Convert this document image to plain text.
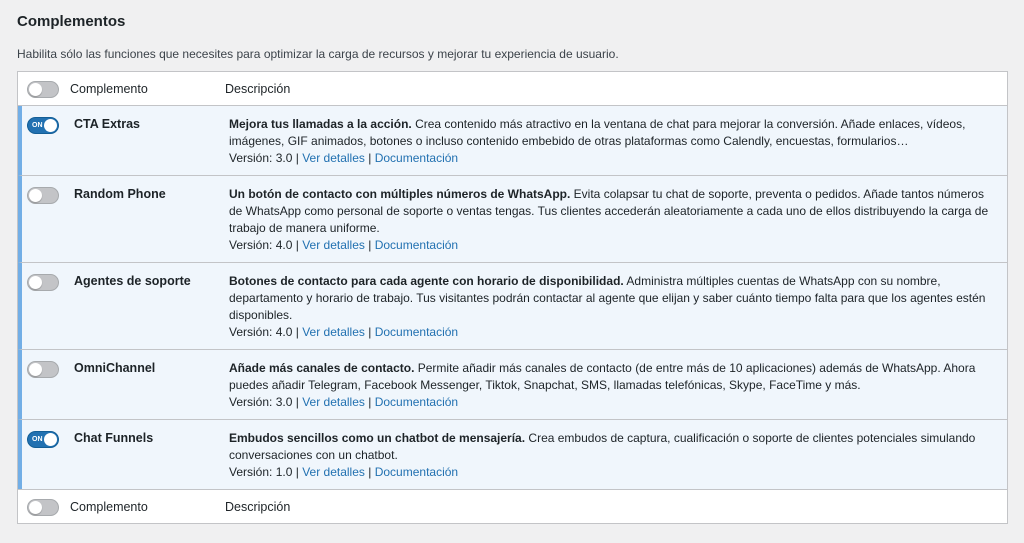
Complementos
Habilita sólo las funciones que necesites para optimizar la carga de recursos y mejorar tu experiencia de usuario.
Complemento	Descripción
ON	CTA Extras	Mejora tus llamadas a la acción. Crea contenido más atractivo en la ventana de chat para mejorar la conversión. Añade enlaces, vídeos, imágenes, GIF animados, botones o incluso contenido embebido de otras plataformas como Calendly, encuestas, formularios…
Versión: 3.0 | Ver detalles | Documentación
Random Phone	Un botón de contacto con múltiples números de WhatsApp. Evita colapsar tu chat de soporte, preventa o pedidos. Añade tantos números de WhatsApp como personal de soporte o ventas tengas. Tus clientes accederán aleatoriamente a cada uno de ellos distribuyendo la carga de trabajo de manera uniforme.
Versión: 4.0 | Ver detalles | Documentación
Agentes de soporte	Botones de contacto para cada agente con horario de disponibilidad. Administra múltiples cuentas de WhatsApp con su nombre, departamento y horario de trabajo. Tus visitantes podrán contactar al agente que elijan y saber cuánto tiempo falta para que los agentes estén disponibles.
Versión: 4.0 | Ver detalles | Documentación
OmniChannel	Añade más canales de contacto. Permite añadir más canales de contacto (de entre más de 10 aplicaciones) además de WhatsApp. Ahora puedes añadir Telegram, Facebook Messenger, Tiktok, Snapchat, SMS, llamadas telefónicas, Skype, FaceTime y más.
Versión: 3.0 | Ver detalles | Documentación
ON	Chat Funnels	Embudos sencillos como un chatbot de mensajería. Crea embudos de captura, cualificación o soporte de clientes potenciales simulando conversaciones con un chatbot.
Versión: 1.0 | Ver detalles | Documentación
Complemento	Descripción
